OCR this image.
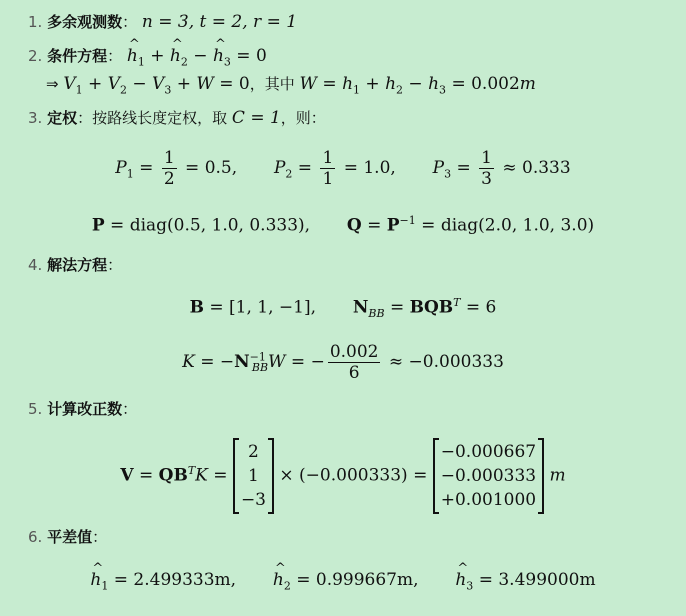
1. 多余观测数： n = 3, t = 2, r = 1
2. 条件方程： ^ $h_1$ + ^ $h_2$ − ^ $h_3 = 0$
⇒ $V_1 + V_2 - V_3 + W = 0$，其中 $W = h_1 + h_2 - h_3 = 0.002m$
3. 定权：按路线长度定权，取 C = 1，则：
$P_1 = \frac{1}{2} = 0.5$, $P_2 = \frac{1}{1} = 1.0$, $P_3 = \frac{1}{3} \approx 0.333$
P = diag(0.5, 1.0, 0.333), $Q = P^{-1}$ = diag(2.0, 1.0, 3.0)
4. 解法方程：
B = [1, 1, −1], $N_{BB} = BQB^T = 6$
$K = -N^{-1}_{BB}W$ = − $\frac{0.002}{6} \approx -0.000333$
5. 计算改正数：
$V = QB^TK$ =
2
1
−3
× (−0.000333) =
−0.000667
−0.000333
+0.001000
m
6. 平差值：
^ $h_1 = 2.499333m$, ^ $h_2 = 0.999667m$, ^ $h_3 = 3.499000m$
